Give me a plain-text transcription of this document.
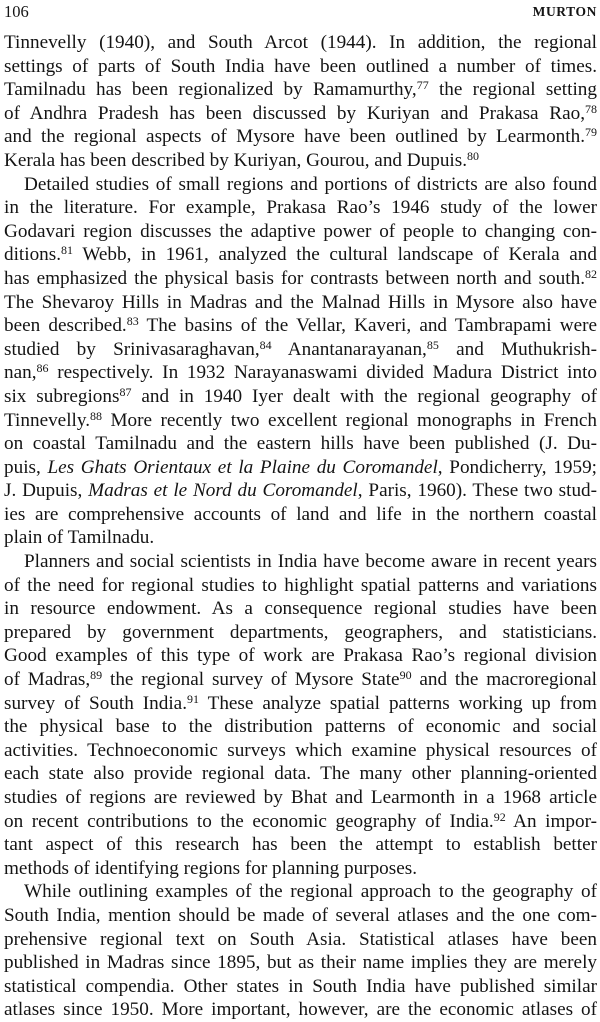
106	MURTON
Tinnevelly (1940), and South Arcot (1944). In addition, the regional
settings of parts of South India have been outlined a number of times.
Tamilnadu has been regionalized by Ramamurthy,$^{77}$ the regional setting
of Andhra Pradesh has been discussed by Kuriyan and Prakasa Rao,$^{78}$
and the regional aspects of Mysore have been outlined by Learmonth.$^{79}$
Kerala has been described by Kuriyan, Gourou, and Dupuis.$^{80}$
Detailed studies of small regions and portions of districts are also found
in the literature. For example, Prakasa Rao’s 1946 study of the lower
Godavari region discusses the adaptive power of people to changing con-
ditions.$^{81}$ Webb, in 1961, analyzed the cultural landscape of Kerala and
has emphasized the physical basis for contrasts between north and south.$^{82}$
The Shevaroy Hills in Madras and the Malnad Hills in Mysore also have
been described.$^{83}$ The basins of the Vellar, Kaveri, and Tambrapami were
studied by Srinivasaraghavan,$^{84}$ Anantanarayanan,$^{85}$ and Muthukrish-
nan,$^{86}$ respectively. In 1932 Narayanaswami divided Madura District into
six subregions$^{87}$ and in 1940 Iyer dealt with the regional geography of
Tinnevelly.$^{88}$ More recently two excellent regional monographs in French
on coastal Tamilnadu and the eastern hills have been published (J. Du-
puis, Les Ghats Orientaux et la Plaine du Coromandel, Pondicherry, 1959;
J. Dupuis, Madras et le Nord du Coromandel, Paris, 1960). These two stud-
ies are comprehensive accounts of land and life in the northern coastal
plain of Tamilnadu.
Planners and social scientists in India have become aware in recent years
of the need for regional studies to highlight spatial patterns and variations
in resource endowment. As a consequence regional studies have been
prepared by government departments, geographers, and statisticians.
Good examples of this type of work are Prakasa Rao’s regional division
of Madras,$^{89}$ the regional survey of Mysore State$^{90}$ and the macroregional
survey of South India.$^{91}$ These analyze spatial patterns working up from
the physical base to the distribution patterns of economic and social
activities. Technoeconomic surveys which examine physical resources of
each state also provide regional data. The many other planning-oriented
studies of regions are reviewed by Bhat and Learmonth in a 1968 article
on recent contributions to the economic geography of India.$^{92}$ An impor-
tant aspect of this research has been the attempt to establish better
methods of identifying regions for planning purposes.
While outlining examples of the regional approach to the geography of
South India, mention should be made of several atlases and the one com-
prehensive regional text on South Asia. Statistical atlases have been
published in Madras since 1895, but as their name implies they are merely
statistical compendia. Other states in South India have published similar
atlases since 1950. More important, however, are the economic atlases of
